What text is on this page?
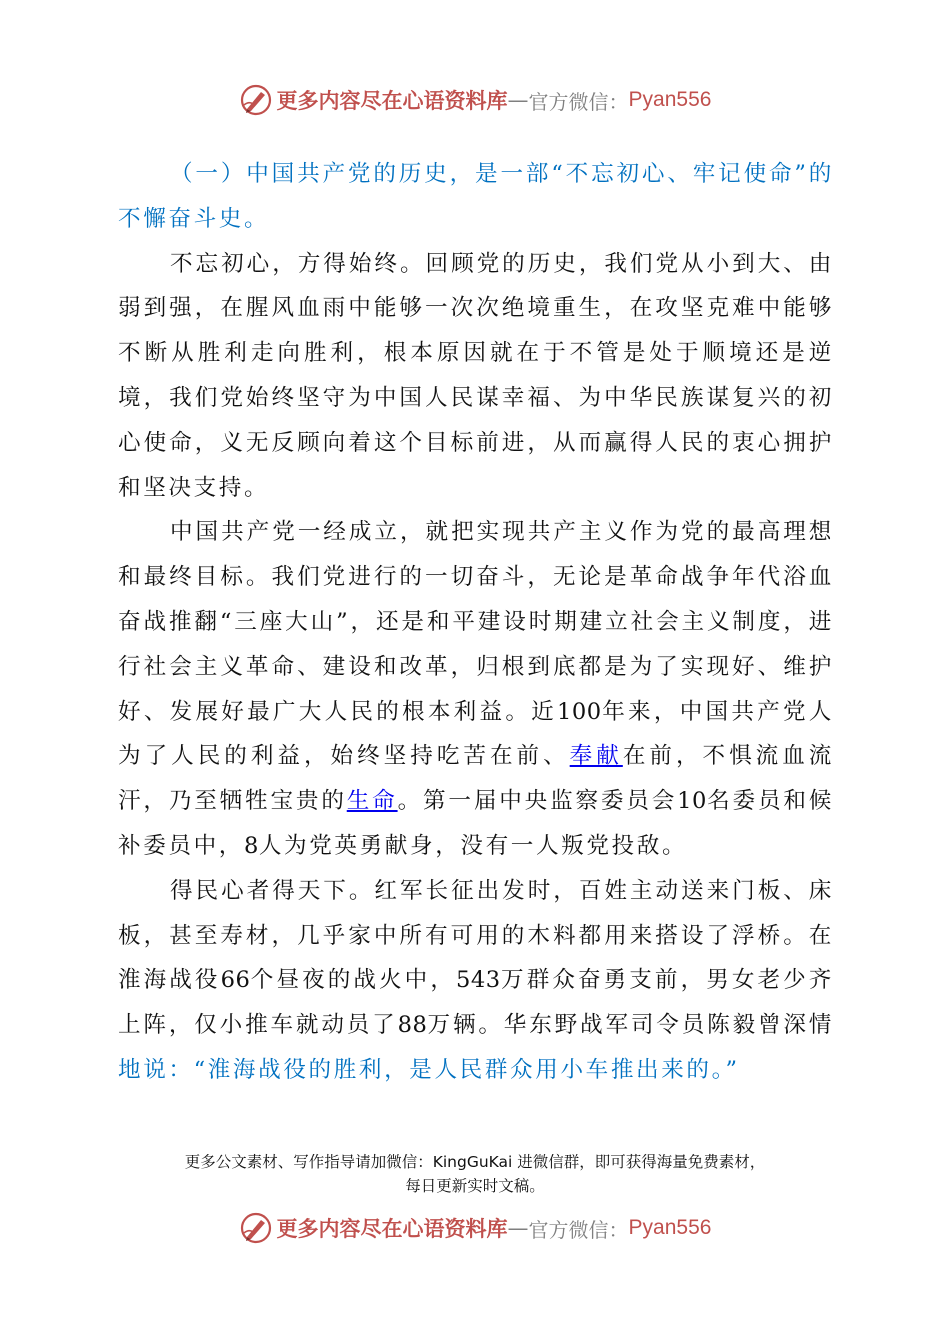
更多内容尽在心语资料库 — 官方微信： Pyan556

（一）中国共产党的历史，是一部“不忘初心、牢记使命”的不懈奋斗史。

不忘初心，方得始终。回顾党的历史，我们党从小到大、由弱到强，在腥风血雨中能够一次次绝境重生，在攻坚克难中能够不断从胜利走向胜利，根本原因就在于不管是处于顺境还是逆境，我们党始终坚守为中国人民谋幸福、为中华民族谋复兴的初心使命，义无反顾向着这个目标前进，从而赢得人民的衷心拥护和坚决支持。

中国共产党一经成立，就把实现共产主义作为党的最高理想和最终目标。我们党进行的一切奋斗，无论是革命战争年代浴血奋战推翻“三座大山”，还是和平建设时期建立社会主义制度，进行社会主义革命、建设和改革，归根到底都是为了实现好、维护好、发展好最广大人民的根本利益。近100年来，中国共产党人为了人民的利益，始终坚持吃苦在前、奉献在前，不惧流血流汗，乃至牺牲宝贵的生命。第一届中央监察委员会10名委员和候补委员中，8人为党英勇献身，没有一人叛党投敌。

得民心者得天下。红军长征出发时，百姓主动送来门板、床板，甚至寿材，几乎家中所有可用的木料都用来搭设了浮桥。在淮海战役66个昼夜的战火中，543万群众奋勇支前，男女老少齐上阵，仅小推车就动员了88万辆。华东野战军司令员陈毅曾深情地说：“淮海战役的胜利，是人民群众用小车推出来的。”

更多公文素材、写作指导请加微信：KingGuKai 进微信群，即可获得海量免费素材，
每日更新实时文稿。
更多内容尽在心语资料库 — 官方微信： Pyan556
